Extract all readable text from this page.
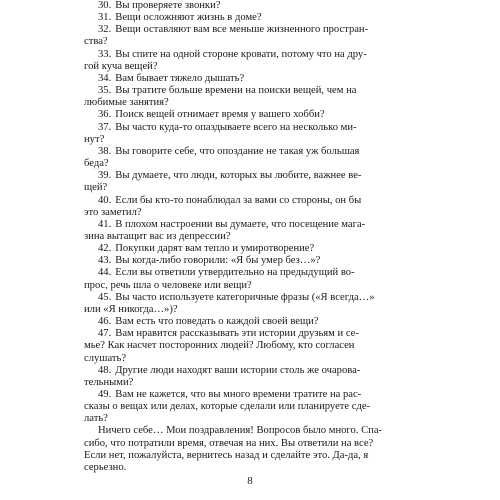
30. Вы проверяете звонки?
31. Вещи осложняют жизнь в доме?
32. Вещи оставляют вам все меньше жизненного простран-
ства?
33. Вы спите на одной стороне кровати, потому что на дру-
гой куча вещей?
34. Вам бывает тяжело дышать?
35. Вы тратите больше времени на поиски вещей, чем на
любимые занятия?
36. Поиск вещей отнимает время у вашего хобби?
37. Вы часто куда-то опаздываете всего на несколько ми-
нут?
38. Вы говорите себе, что опоздание не такая уж большая
беда?
39. Вы думаете, что люди, которых вы любите, важнее ве-
щей?
40. Если бы кто-то понаблюдал за вами со стороны, он бы
это заметил?
41. В плохом настроении вы думаете, что посещение мага-
зина вытащит вас из депрессии?
42. Покупки дарят вам тепло и умиротворение?
43. Вы когда-либо говорили: «Я бы умер без…»?
44. Если вы ответили утвердительно на предыдущий во-
прос, речь шла о человеке или вещи?
45. Вы часто используете категоричные фразы («Я всегда…»
или «Я никогда…»)?
46. Вам есть что поведать о каждой своей вещи?
47. Вам нравится рассказывать эти истории друзьям и се-
мье? Как насчет посторонних людей? Любому, кто согласен
слушать?
48. Другие люди находят ваши истории столь же очарова-
тельными?
49. Вам не кажется, что вы много времени тратите на рас-
сказы о вещах или делах, которые сделали или планируете сде-
лать?
Ничего себе… Мои поздравления! Вопросов было много. Спа-
сибо, что потратили время, отвечая на них. Вы ответили на все?
Если нет, пожалуйста, вернитесь назад и сделайте это. Да-да, я
серьезно.
8
